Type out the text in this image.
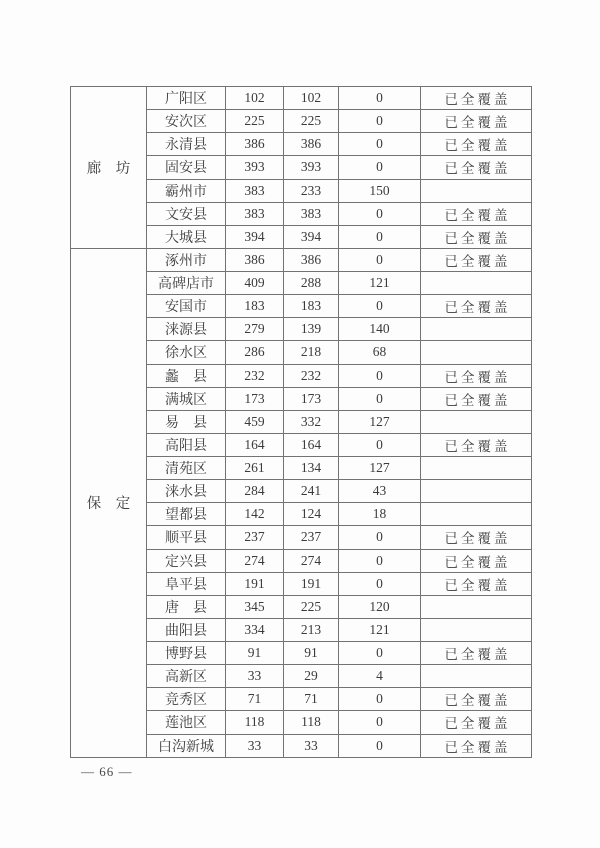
廊　坊	广阳区	102	102	0	已全覆盖
	安次区	225	225	0	已全覆盖
	永清县	386	386	0	已全覆盖
	固安县	393	393	0	已全覆盖
	霸州市	383	233	150	
	文安县	383	383	0	已全覆盖
	大城县	394	394	0	已全覆盖
保　定	涿州市	386	386	0	已全覆盖
	高碑店市	409	288	121	
	安国市	183	183	0	已全覆盖
	涞源县	279	139	140	
	徐水区	286	218	68	
	蠡　县	232	232	0	已全覆盖
	满城区	173	173	0	已全覆盖
	易　县	459	332	127	
	高阳县	164	164	0	已全覆盖
	清苑区	261	134	127	
	涞水县	284	241	43	
	望都县	142	124	18	
	顺平县	237	237	0	已全覆盖
	定兴县	274	274	0	已全覆盖
	阜平县	191	191	0	已全覆盖
	唐　县	345	225	120	
	曲阳县	334	213	121	
	博野县	91	91	0	已全覆盖
	高新区	33	29	4	
	竞秀区	71	71	0	已全覆盖
	莲池区	118	118	0	已全覆盖
	白沟新城	33	33	0	已全覆盖
— 66 —
